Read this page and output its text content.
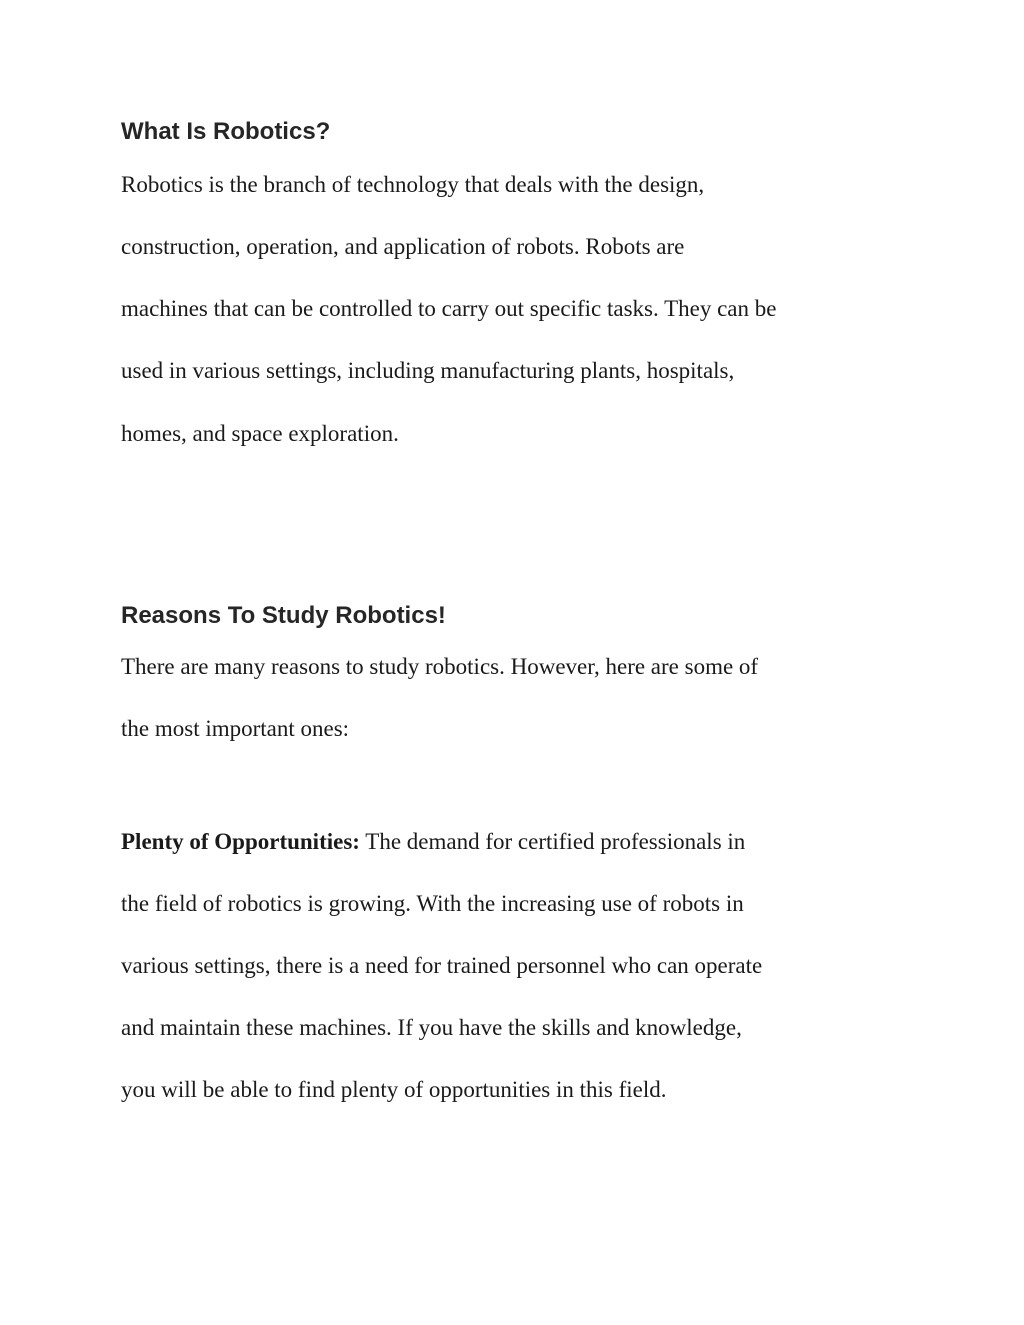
What Is Robotics?

Robotics is the branch of technology that deals with the design,

construction, operation, and application of robots. Robots are

machines that can be controlled to carry out specific tasks. They can be

used in various settings, including manufacturing plants, hospitals,

homes, and space exploration.

Reasons To Study Robotics!

There are many reasons to study robotics. However, here are some of

the most important ones:

Plenty of Opportunities: The demand for certified professionals in

the field of robotics is growing. With the increasing use of robots in

various settings, there is a need for trained personnel who can operate

and maintain these machines. If you have the skills and knowledge,

you will be able to find plenty of opportunities in this field.
